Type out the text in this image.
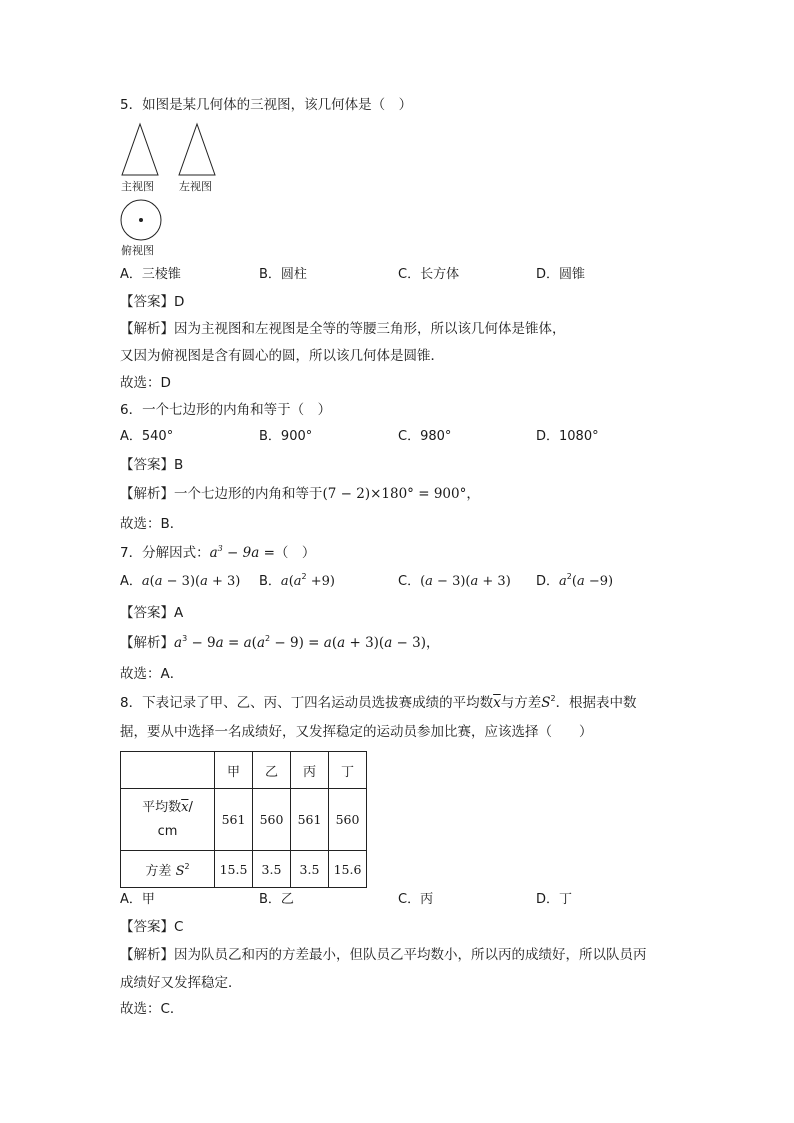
5．如图是某几何体的三视图，该几何体是（　）
主视图 左视图
俯视图
A．三棱锥	B．圆柱	C．长方体	D．圆锥
【答案】D
【解析】因为主视图和左视图是全等的等腰三角形，所以该几何体是锥体，
又因为俯视图是含有圆心的圆，所以该几何体是圆锥．
故选：D
6．一个七边形的内角和等于（　）
A．540°	B．900°	C．980°	D．1080°
【答案】B
【解析】一个七边形的内角和等于(7 − 2)×180° = 900°，
故选：B．
7．分解因式：$a^3 - 9a$ =（　）
A．a(a − 3)(a + 3) B．$a(a^2 +9)$	C．(a − 3)(a + 3) D．$a^2(a -9)$
【答案】A
【解析】$a^3 - 9a = a(a^2 - 9) = a(a + 3)(a - 3)$，
故选：A．
8．下表记录了甲、乙、丙、丁四名运动员选拔赛成绩的平均数$\overline{x}$与方差$S^2$．根据表中数
据，要从中选择一名成绩好，又发挥稳定的运动员参加比赛，应该选择（　　）
	甲	乙	丙	丁
平均数$\overline{x}/$
cm	561	560	561	560
方差 $S^2$	15.5	3.5	3.5	15.6
A．甲	B．乙	C．丙	D．丁
【答案】C
【解析】因为队员乙和丙的方差最小，但队员乙平均数小，所以丙的成绩好，所以队员丙
成绩好又发挥稳定．
故选：C．
